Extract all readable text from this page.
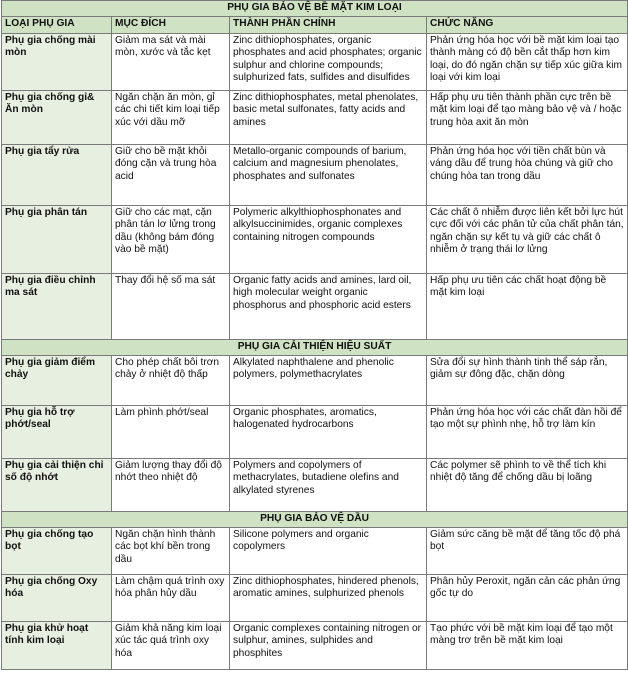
PHỤ GIA BẢO VỆ BỀ MẶT KIM LOẠI			
LOẠI PHỤ GIA	MỤC ĐÍCH	THÀNH PHẦN CHÍNH	CHỨC NĂNG
Phụ gia chống mài mòn	Giảm ma sát và mài mòn, xước và tắc kẹt	Zinc dithiophosphates, organic phosphates and acid phosphates; organic sulphur and chlorine compounds; sulphurized fats, sulfides and disulfides	Phản ứng hóa học với bề mặt kim loại tạo thành màng có độ bền cắt thấp hơn kim loại, do đó ngăn chặn sự tiếp xúc giữa kim loại với kim loại
Phụ gia chống gỉ& Ăn mòn	Ngăn chặn ăn mòn, gỉ các chi tiết kim loại tiếp xúc với dầu mỡ	Zinc dithiophosphates, metal phenolates, basic metal sulfonates, fatty acids and amines	Hấp phụ ưu tiên thành phần cực trên bề mặt kim loại để tạo màng bảo vệ và / hoặc trung hòa axit ăn mòn
Phụ gia tẩy rửa	Giữ cho bề mặt khỏi đóng cặn và trung hòa acid	Metallo-organic compounds of barium, calcium and magnesium phenolates, phosphates and sulfonates	Phản ứng hóa học với tiền chất bùn và váng dầu để trung hòa chúng và giữ cho chúng hòa tan trong dầu
Phụ gia phân tán	Giữ cho các mạt, cặn phân tán lơ lửng trong dầu (không bám đóng vào bề mặt)	Polymeric alkylthiophosphonates and alkylsuccinimides, organic complexes containing nitrogen compounds	Các chất ô nhiễm được liên kết bởi lực hút cực đối với các phân tử của chất phân tán, ngăn chặn sự kết tụ và giữ các chất ô nhiễm ở trạng thái lơ lửng
Phụ gia điều chỉnh ma sát	Thay đổi hệ số ma sát	Organic fatty acids and amines, lard oil, high molecular weight organic phosphorus and phosphoric acid esters	Hấp phụ ưu tiên các chất hoạt động bề mặt kim loại
PHỤ GIA CẢI THIỆN HIỆU SUẤT			
Phụ gia giảm điểm chảy	Cho phép chất bôi trơn chảy ở nhiệt độ thấp	Alkylated naphthalene and phenolic polymers, polymethacrylates	Sửa đổi sự hình thành tinh thể sáp rắn, giảm sự đông đặc, chặn dòng
Phụ gia hỗ trợ phớt/seal	Làm phình phớt/seal	Organic phosphates, aromatics, halogenated hydrocarbons	Phản ứng hóa học với các chất đàn hồi để tạo một sự phình nhẹ, hỗ trợ làm kín
Phụ gia cải thiện chỉ số độ nhớt	Giảm lượng thay đổi độ nhớt theo nhiệt độ	Polymers and copolymers of methacrylates, butadiene olefins and alkylated styrenes	Các polymer sẽ phình to về thể tích khi nhiệt độ tăng để chống dầu bị loãng
PHỤ GIA BẢO VỆ DẦU			
Phụ gia chống tạo bọt	Ngăn chặn hình thành các bọt khí bền trong dầu	Silicone polymers and organic copolymers	Giảm sức căng bề mặt để tăng tốc độ phá bọt
Phụ gia chống Oxy hóa	Làm chậm quá trình oxy hóa phân hủy dầu	Zinc dithiophosphates, hindered phenols, aromatic amines, sulphurized phenols	Phân hủy Peroxit, ngăn cản các phản ứng gốc tự do
Phụ gia khử hoạt tính kim loại	Giảm khả năng kim loại xúc tác quá trình oxy hóa	Organic complexes containing nitrogen or sulphur, amines, sulphides and phosphites	Tạo phức với bề mặt kim loại để tạo một màng trơ trên bề mặt kim loại
